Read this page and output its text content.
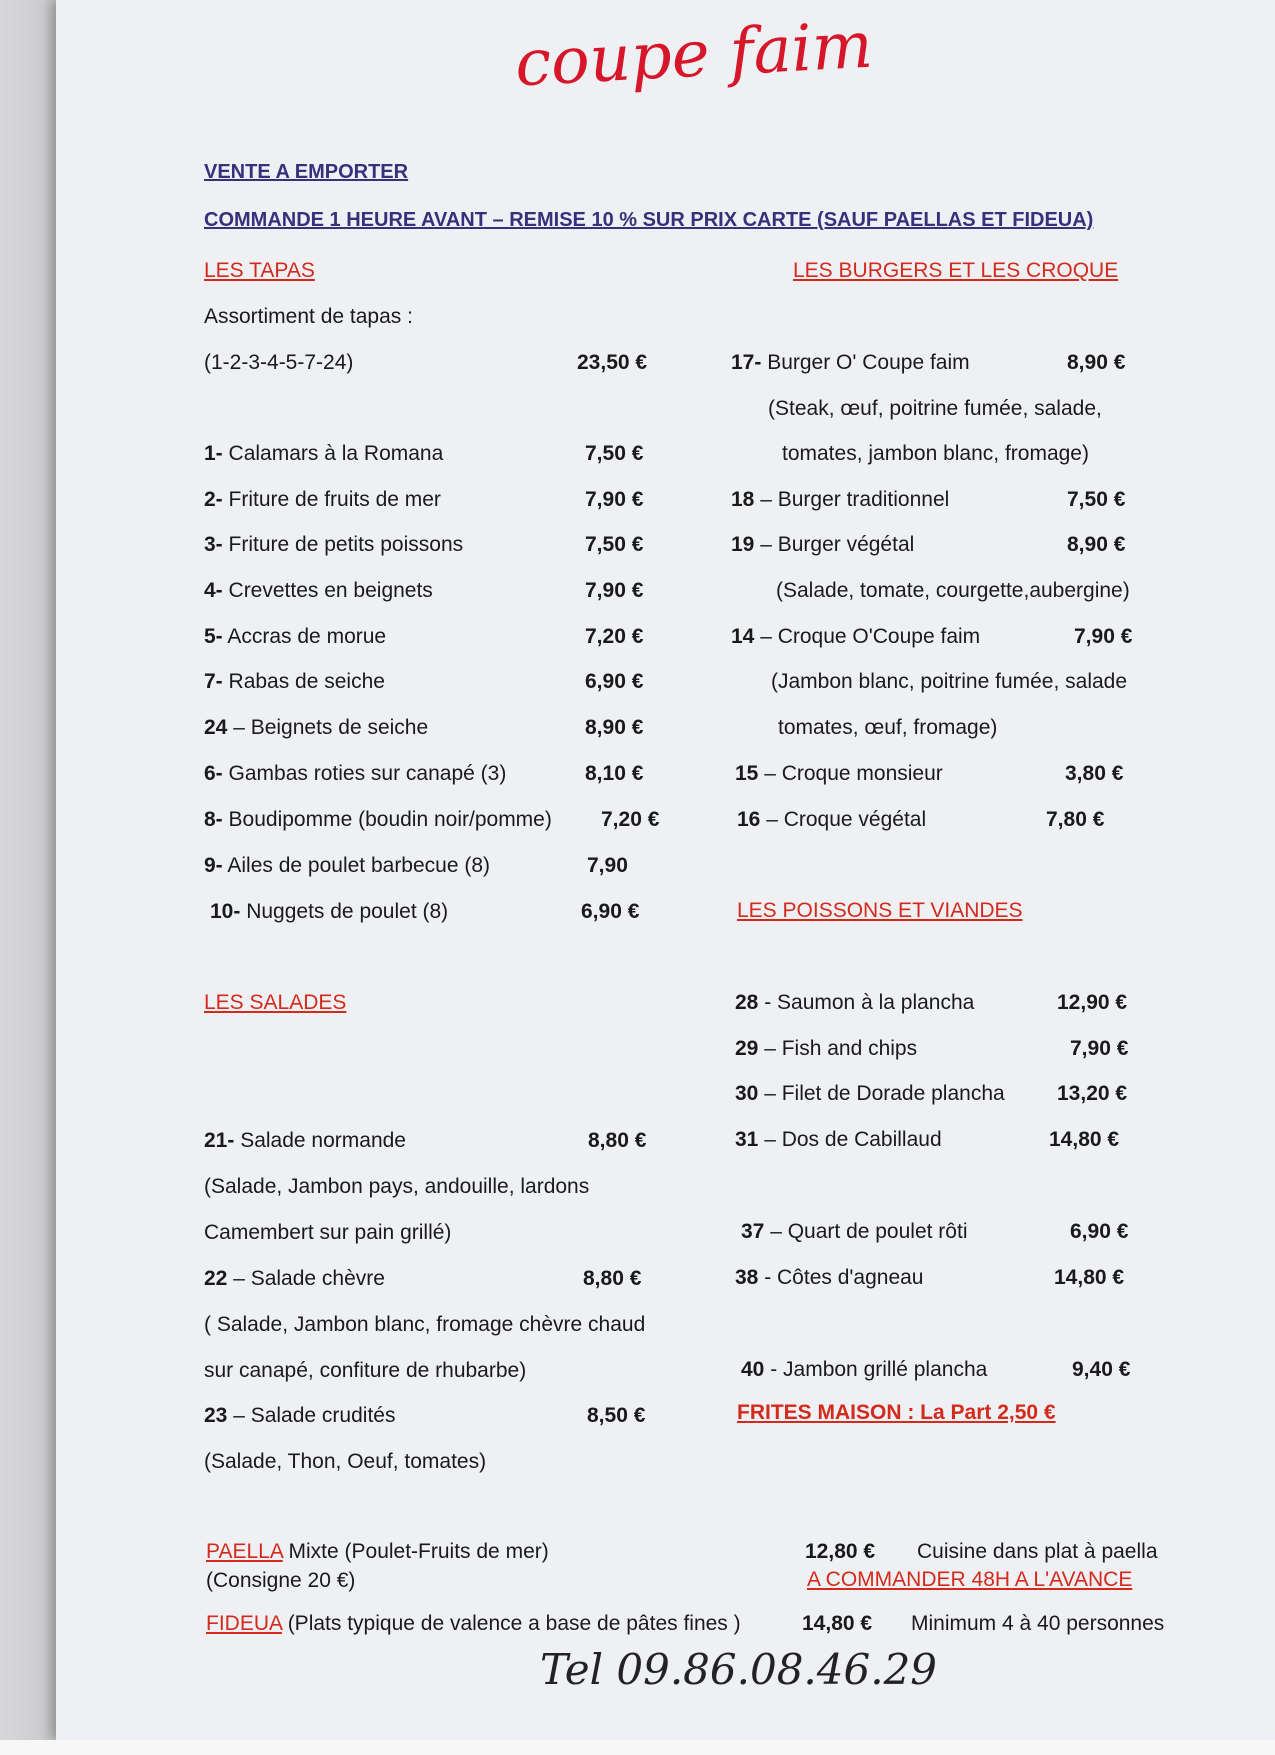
coupe faim
VENTE A EMPORTER
COMMANDE 1 HEURE AVANT – REMISE 10 % SUR PRIX CARTE (SAUF PAELLAS ET FIDEUA)
LES TAPAS
Assortiment de tapas :
(1-2-3-4-5-7-24)	23,50 €
1- Calamars à la Romana	7,50 €
2- Friture de fruits de mer	7,90 €
3- Friture de petits poissons	7,50 €
4- Crevettes en beignets	7,90 €
5- Accras de morue	7,20 €
7- Rabas de seiche	6,90 €
24 – Beignets de seiche	8,90 €
6- Gambas roties sur canapé (3)	8,10 €
8- Boudipomme (boudin noir/pomme) 7,20 €
9- Ailes de poulet barbecue (8)	7,90
10- Nuggets de poulet (8)	6,90 €
LES BURGERS ET LES CROQUE
17- Burger O' Coupe faim	8,90 €
(Steak, œuf, poitrine fumée, salade,
tomates, jambon blanc, fromage)
18 – Burger traditionnel	7,50 €
19 – Burger végétal	8,90 €
(Salade, tomate, courgette,aubergine)
14 – Croque O'Coupe faim	7,90 €
(Jambon blanc, poitrine fumée, salade
tomates, œuf, fromage)
15 – Croque monsieur	3,80 €
16 – Croque végétal	7,80 €
LES SALADES
21- Salade normande	8,80 €
(Salade, Jambon pays, andouille, lardons
Camembert sur pain grillé)
22 – Salade chèvre	8,80 €
( Salade, Jambon blanc, fromage chèvre chaud
sur canapé, confiture de rhubarbe)
23 – Salade crudités	8,50 €
(Salade, Thon, Oeuf, tomates)
LES POISSONS ET VIANDES
28 - Saumon à la plancha	12,90 €
29 – Fish and chips	7,90 €
30 – Filet de Dorade plancha 13,20 €
31 – Dos de Cabillaud	14,80 €
37 – Quart de poulet rôti	6,90 €
38 - Côtes d'agneau	14,80 €
40 - Jambon grillé plancha	9,40 €
FRITES MAISON : La Part 2,50 €
PAELLA Mixte (Poulet-Fruits de mer)
(Consigne 20 €)
12,80 € Cuisine dans plat à paella
A COMMANDER 48H A L'AVANCE
FIDEUA (Plats typique de valence a base de pâtes fines )	14,80 € Minimum 4 à 40 personnes
Tel 09.86.08.46.29
